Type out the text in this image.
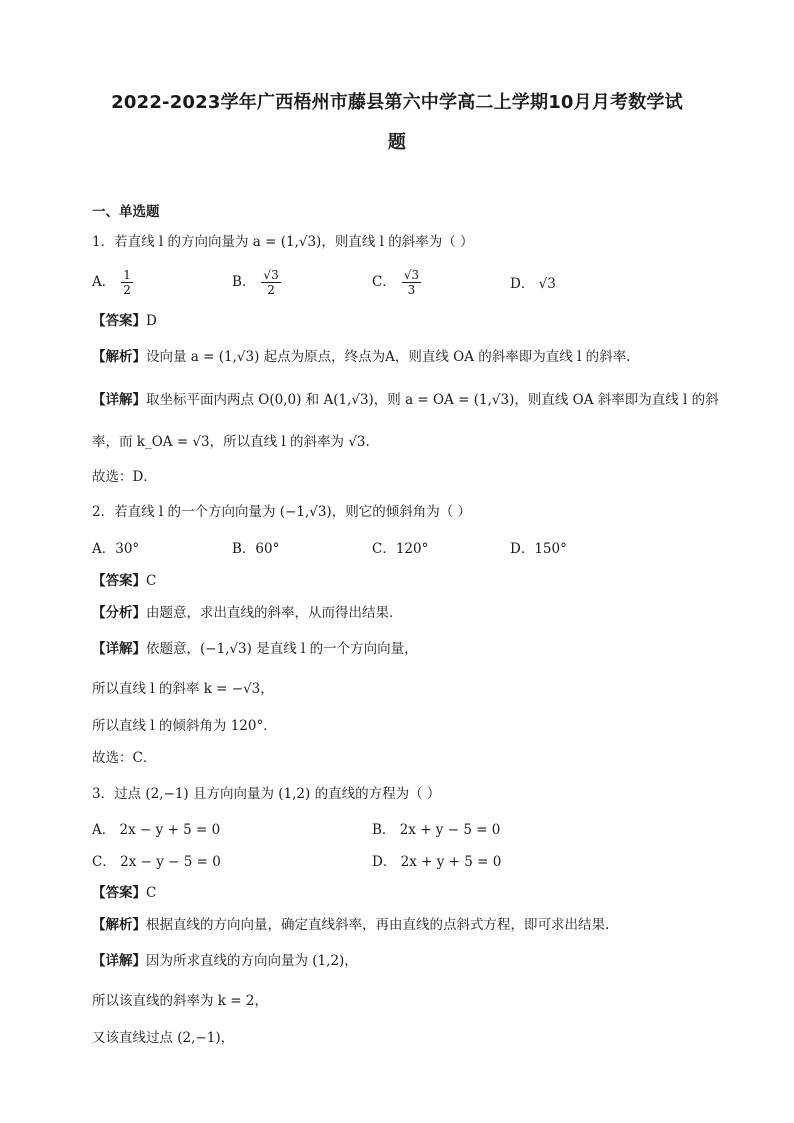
2022-2023学年广西梧州市藤县第六中学高二上学期10月月考数学试
题
一、单选题
1．若直线 l 的方向向量为 a = (1,√3)，则直线 l 的斜率为（ ）
A． $\frac{1}{2}$	B． $\frac{√3}{2}$	C． $\frac{√3}{3}$	D． √3
【答案】D
【解析】设向量 a = (1,√3) 起点为原点，终点为A，则直线 OA 的斜率即为直线 l 的斜率.
【详解】取坐标平面内两点 O(0,0) 和 A(1,√3)，则 a = OA = (1,√3)，则直线 OA 斜率即为直线 l 的斜
率，而 k_OA = √3，所以直线 l 的斜率为 √3.
故选：D．
2．若直线 l 的一个方向向量为 (−1,√3)，则它的倾斜角为（ ）
A．30°	B．60°	C．120°	D．150°
【答案】C
【分析】由题意，求出直线的斜率，从而得出结果．
【详解】依题意，(−1,√3) 是直线 l 的一个方向向量，
所以直线 l 的斜率 k = −√3，
所以直线 l 的倾斜角为 120°．
故选：C．
3．过点 (2,−1) 且方向向量为 (1,2) 的直线的方程为（ ）
A． 2x − y + 5 = 0	B． 2x + y − 5 = 0
C． 2x − y − 5 = 0	D． 2x + y + 5 = 0
【答案】C
【解析】根据直线的方向向量，确定直线斜率，再由直线的点斜式方程，即可求出结果.
【详解】因为所求直线的方向向量为 (1,2)，
所以该直线的斜率为 k = 2，
又该直线过点 (2,−1)，
